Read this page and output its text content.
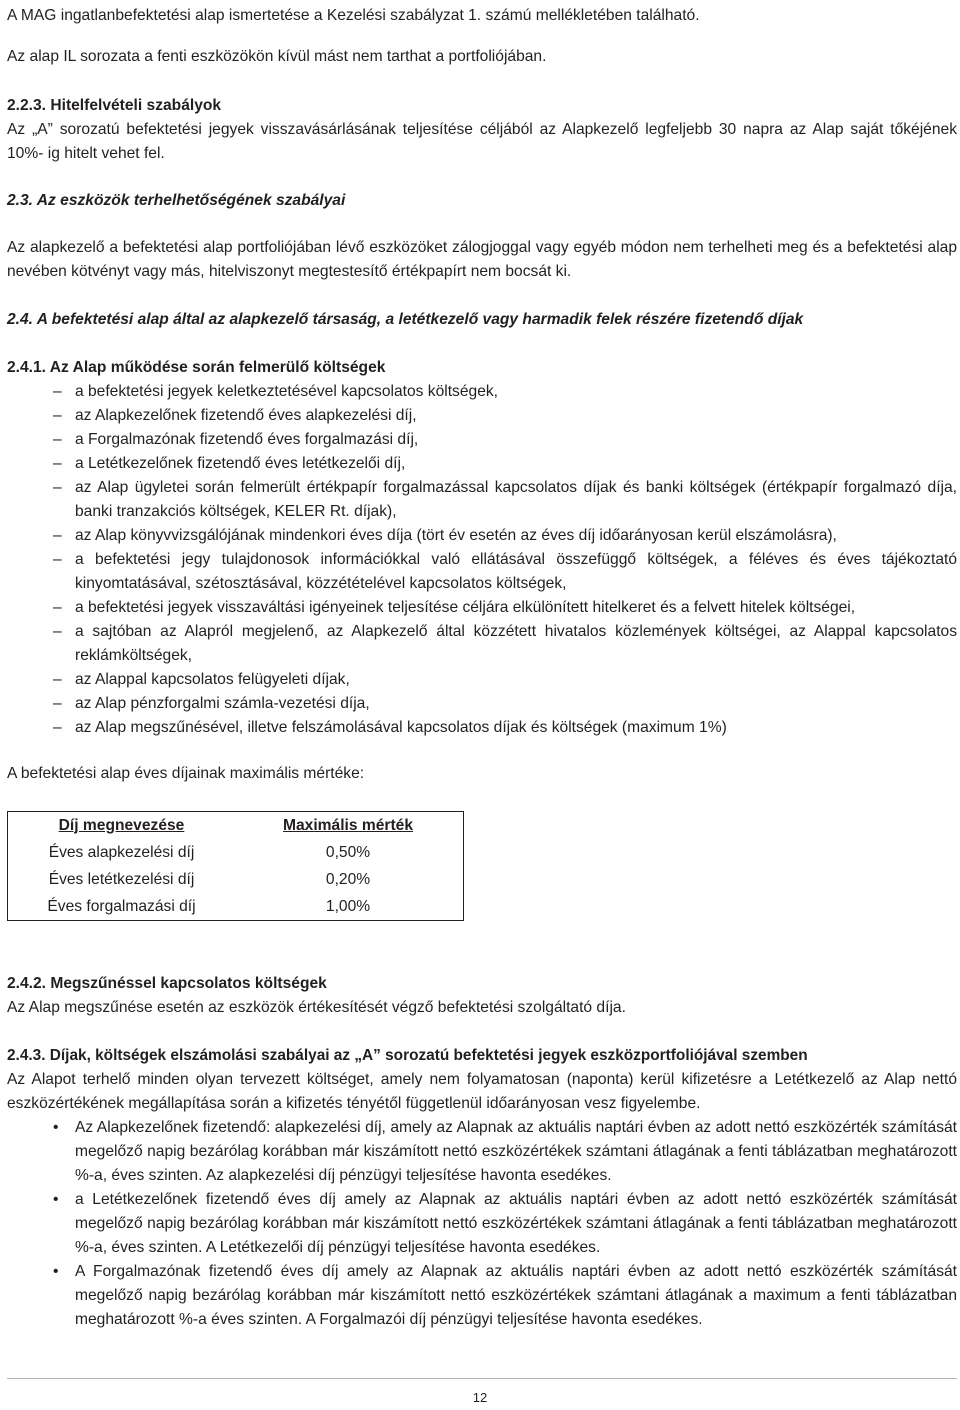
A MAG ingatlanbefektetési alap ismertetése a Kezelési szabályzat 1. számú mellékletében található.

Az alap IL sorozata a fenti eszközökön kívül mást nem tarthat a portfoliójában.

2.2.3. Hitelfelvételi szabályok

Az „A” sorozatú befektetési jegyek visszavásárlásának teljesítése céljából az Alapkezelő legfeljebb 30 napra az Alap saját tőkéjének 10%- ig hitelt vehet fel.

2.3. Az eszközök terhelhetőségének szabályai

Az alapkezelő a befektetési alap portfoliójában lévő eszközöket zálogjoggal vagy egyéb módon nem terhelheti meg és a befektetési alap nevében kötvényt vagy más, hitelviszonyt megtestesítő értékpapírt nem bocsát ki.

2.4. A befektetési alap által az alapkezelő társaság, a letétkezelő vagy harmadik felek részére fizetendő díjak

2.4.1. Az Alap működése során felmerülő költségek

– a befektetési jegyek keletkeztetésével kapcsolatos költségek,
– az Alapkezelőnek fizetendő éves alapkezelési díj,
– a Forgalmazónak fizetendő éves forgalmazási díj,
– a Letétkezelőnek fizetendő éves letétkezelői díj,
– az Alap ügyletei során felmerült értékpapír forgalmazással kapcsolatos díjak és banki költségek (értékpapír forgalmazó díja, banki tranzakciós költségek, KELER Rt. díjak),
– az Alap könyvvizsgálójának mindenkori éves díja (tört év esetén az éves díj időarányosan kerül elszámolásra),
– a befektetési jegy tulajdonosok információkkal való ellátásával összefüggő költségek, a féléves és éves tájékoztató kinyomtatásával, szétosztásával, közzétételével kapcsolatos költségek,
– a befektetési jegyek visszaváltási igényeinek teljesítése céljára elkülönített hitelkeret és a felvett hitelek költségei,
– a sajtóban az Alapról megjelenő, az Alapkezelő által közzétett hivatalos közlemények költségei, az Alappal kapcsolatos reklámköltségek,
– az Alappal kapcsolatos felügyeleti díjak,
– az Alap pénzforgalmi számla-vezetési díja,
– az Alap megszűnésével, illetve felszámolásával kapcsolatos díjak és költségek (maximum 1%)

A befektetési alap éves díjainak maximális mértéke:

Díj megnevezése	Maximális mérték
Éves alapkezelési díj	0,50%
Éves letétkezelési díj	0,20%
Éves forgalmazási díj	1,00%

2.4.2. Megszűnéssel kapcsolatos költségek

Az Alap megszűnése esetén az eszközök értékesítését végző befektetési szolgáltató díja.

2.4.3. Díjak, költségek elszámolási szabályai az „A” sorozatú befektetési jegyek eszközportfoliójával szemben

Az Alapot terhelő minden olyan tervezett költséget, amely nem folyamatosan (naponta) kerül kifizetésre a Letétkezelő az Alap nettó eszközértékének megállapítása során a kifizetés tényétől függetlenül időarányosan vesz figyelembe.

• Az Alapkezelőnek fizetendő: alapkezelési díj, amely az Alapnak az aktuális naptári évben az adott nettó eszközérték számítását megelőző napig bezárólag korábban már kiszámított nettó eszközértékek számtani átlagának a fenti táblázatban meghatározott %-a, éves szinten. Az alapkezelési díj pénzügyi teljesítése havonta esedékes.
• a Letétkezelőnek fizetendő éves díj amely az Alapnak az aktuális naptári évben az adott nettó eszközérték számítását megelőző napig bezárólag korábban már kiszámított nettó eszközértékek számtani átlagának a fenti táblázatban meghatározott %-a, éves szinten. A Letétkezelői díj pénzügyi teljesítése havonta esedékes.
• A Forgalmazónak fizetendő éves díj amely az Alapnak az aktuális naptári évben az adott nettó eszközérték számítását megelőző napig bezárólag korábban már kiszámított nettó eszközértékek számtani átlagának a maximum a fenti táblázatban meghatározott %-a éves szinten. A Forgalmazói díj pénzügyi teljesítése havonta esedékes.
12
